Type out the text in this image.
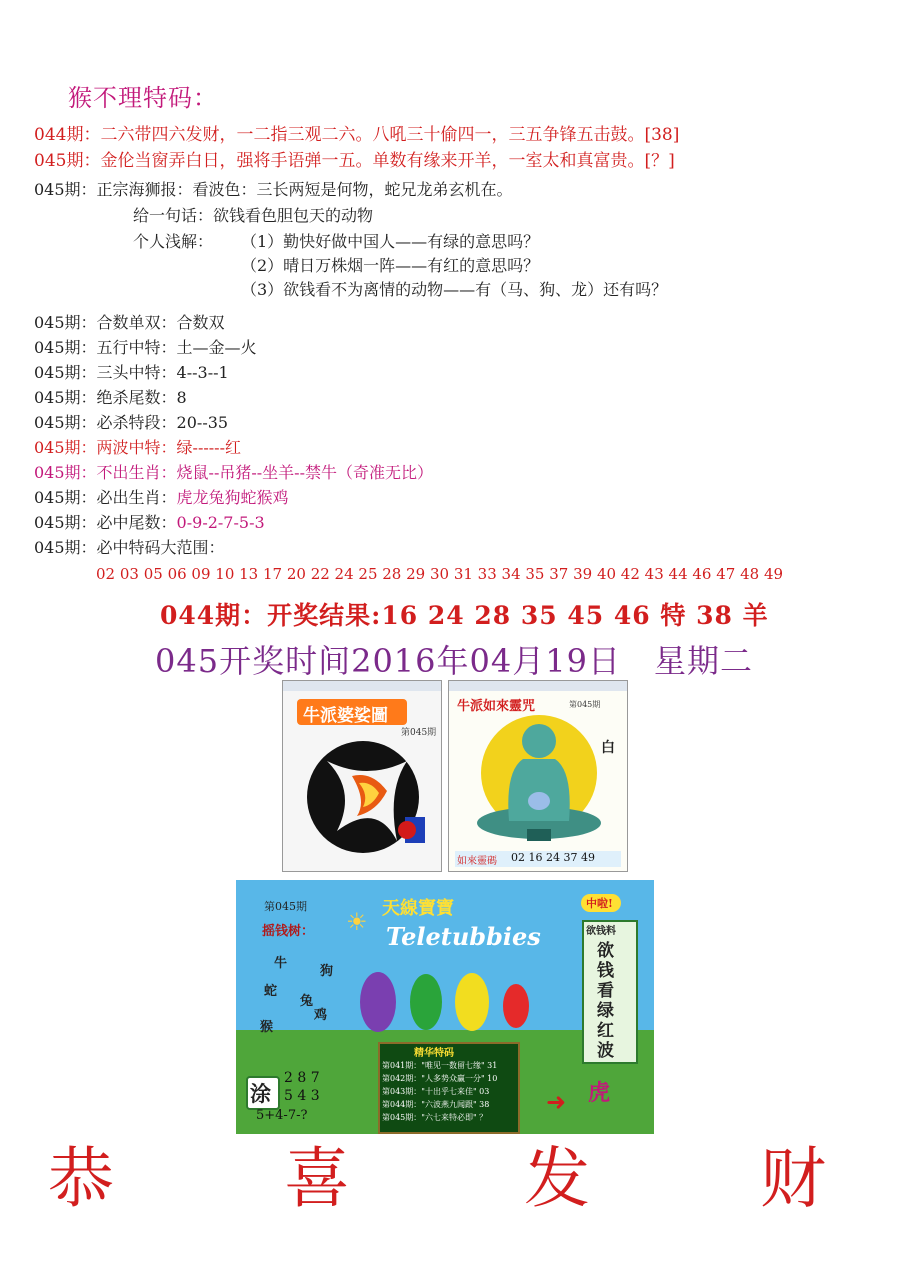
猴不理特码：
044期：二六带四六发财，一二指三观二六。八吼三十偷四一，三五争锋五击鼓。[38]
045期：金伦当窗弄白日，强将手语弹一五。单数有缘来开羊，一室太和真富贵。[？]
045期：正宗海狮报：看波色：三长两短是何物，蛇兄龙弟玄机在。
给一句话：欲钱看色胆包天的动物
个人浅解： （1）勤快好做中国人——有绿的意思吗？
（2）晴日万株烟一阵——有红的意思吗？
（3）欲钱看不为离情的动物——有（马、狗、龙）还有吗？
045期：合数单双：合数双
045期：五行中特：土—金—火
045期：三头中特：4--3--1
045期：绝杀尾数：8
045期：必杀特段：20--35
045期：两波中特：绿------红
045期：不出生肖：烧鼠--吊猪--坐羊--禁牛（奇准无比）
045期：必出生肖：虎龙兔狗蛇猴鸡
045期：必中尾数：0-9-2-7-5-3
045期：必中特码大范围：
02 03 05 06 09 10 13 17 20 22 24 25 28 29 30 31 33 34 35 37 39 40 42 43 44 46 47 48 49
044期：开奖结果:16 24 28 35 45 46 特 38 羊
045开奖时间2016年04月19日　星期二
牛派婆娑圖
第045期
牛派如來靈咒	第045期
白
如來靈碼 02 16 24 37 49
第045期	天線寶寶
Teletubbies
摇钱树： ☀
牛
狗
蛇
兔
鸡
猴
中啦!
欲钱料
欲
钱
看
绿
红
波
精华特码
第041期："唯见一数留七缘" 31
第042期："人多势众赢一分" 10
第043期："十出乎七来佳" 03
第044期："六波燕九闻跟" 38
第045期："六七来特必即" ？
涂
2 8 7
5 4 3
5+4-7-?
虎
➜
恭	喜	发	财
